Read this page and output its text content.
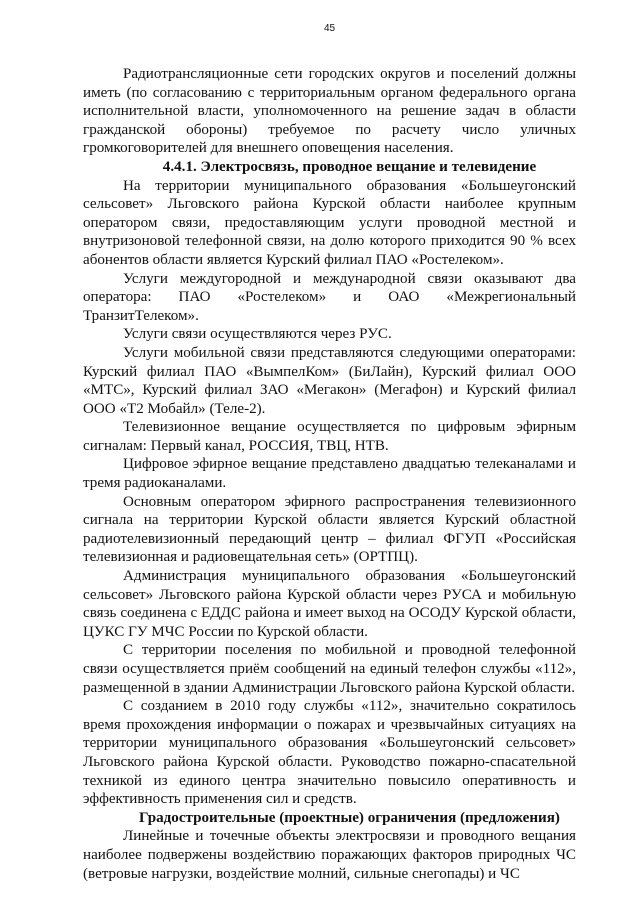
45

Радиотрансляционные сети городских округов и поселений должны иметь (по согласованию с территориальным органом федерального органа исполнительной власти, уполномоченного на решение задач в области гражданской обороны) требуемое по расчету число уличных громкоговорителей для внешнего оповещения населения.

4.4.1. Электросвязь, проводное вещание и телевидение

На территории муниципального образования «Большеугонский сельсовет» Льговского района Курской области наиболее крупным оператором связи, предоставляющим услуги проводной местной и внутризоновой телефонной связи, на долю которого приходится 90 % всех абонентов области является Курский филиал ПАО «Ростелеком».

Услуги междугородной и международной связи оказывают два оператора: ПАО «Ростелеком» и ОАО «Межрегиональный ТранзитТелеком».

Услуги связи осуществляются через РУС.

Услуги мобильной связи представляются следующими операторами: Курский филиал ПАО «ВымпелКом» (БиЛайн), Курский филиал ООО «МТС», Курский филиал ЗАО «Мегакон» (Мегафон) и Курский филиал ООО «Т2 Мобайл» (Теле-2).

Телевизионное вещание осуществляется по цифровым эфирным сигналам: Первый канал, РОССИЯ, ТВЦ, НТВ.

Цифровое эфирное вещание представлено двадцатью телеканалами и тремя радиоканалами.

Основным оператором эфирного распространения телевизионного сигнала на территории Курской области является Курский областной радиотелевизионный передающий центр – филиал ФГУП «Российская телевизионная и радиовещательная сеть» (ОРТПЦ).

Администрация муниципального образования «Большеугонский сельсовет» Льговского района Курской области через РУСА и мобильную связь соединена с ЕДДС района и имеет выход на ОСОДУ Курской области, ЦУКС ГУ МЧС России по Курской области.

С территории поселения по мобильной и проводной телефонной связи осуществляется приём сообщений на единый телефон службы «112», размещенной в здании Администрации Льговского района Курской области.

С созданием в 2010 году службы «112», значительно сократилось время прохождения информации о пожарах и чрезвычайных ситуациях на территории муниципального образования «Большеугонский сельсовет» Льговского района Курской области. Руководство пожарно-спасательной техникой из единого центра значительно повысило оперативность и эффективность применения сил и средств.

Градостроительные (проектные) ограничения (предложения)

Линейные и точечные объекты электросвязи и проводного вещания наиболее подвержены воздействию поражающих факторов природных ЧС (ветровые нагрузки, воздействие молний, сильные снегопады) и ЧС
